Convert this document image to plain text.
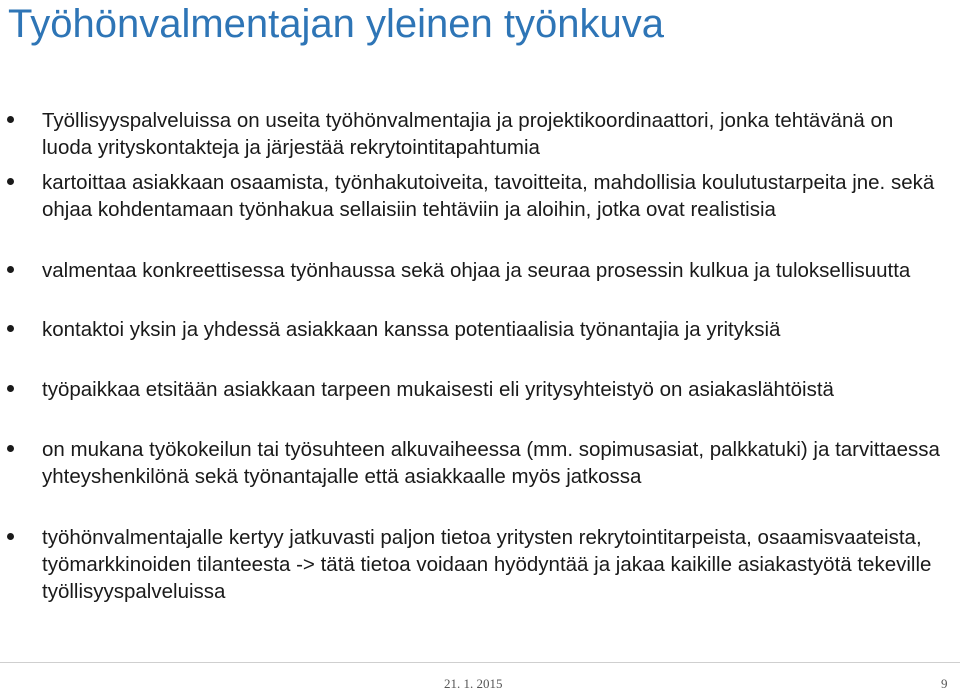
Työhönvalmentajan yleinen työnkuva
Työllisyyspalveluissa on useita työhönvalmentajia ja projektikoordinaattori, jonka tehtävänä on luoda yrityskontakteja ja järjestää rekrytointitapahtumia
kartoittaa asiakkaan osaamista, työnhakutoiveita, tavoitteita, mahdollisia koulutustarpeita jne. sekä ohjaa kohdentamaan työnhakua sellaisiin tehtäviin ja aloihin, jotka ovat realistisia
valmentaa konkreettisessa työnhaussa sekä ohjaa ja seuraa prosessin kulkua ja tuloksellisuutta
kontaktoi yksin ja yhdessä asiakkaan kanssa potentiaalisia työnantajia ja yrityksiä
työpaikkaa etsitään asiakkaan tarpeen mukaisesti eli yritysyhteistyö on asiakaslähtöistä
on mukana työkokeilun tai työsuhteen alkuvaiheessa (mm. sopimusasiat, palkkatuki) ja tarvittaessa yhteyshenkilönä sekä työnantajalle että asiakkaalle myös jatkossa
työhönvalmentajalle kertyy jatkuvasti paljon tietoa yritysten rekrytointitarpeista, osaamisvaateista, työmarkkinoiden tilanteesta -> tätä tietoa voidaan hyödyntää ja jakaa kaikille asiakastyötä tekeville työllisyyspalveluissa
21. 1. 2015	9
